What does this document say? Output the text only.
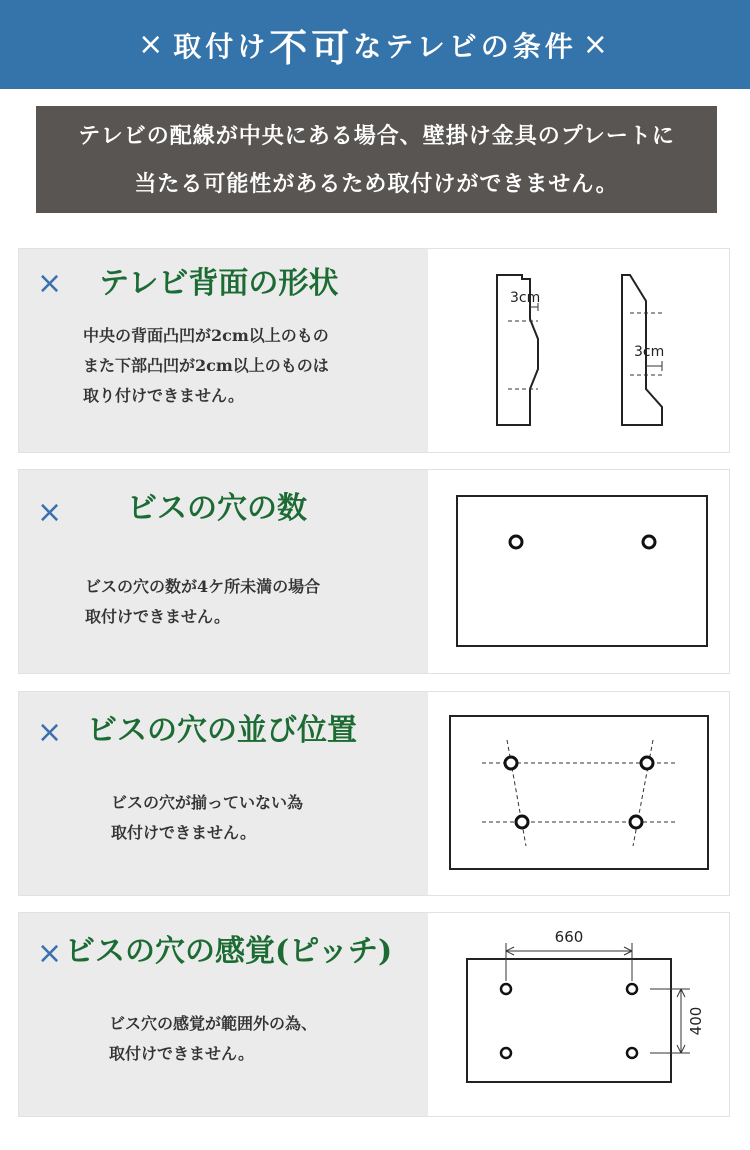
× 取付け 不可 なテレビの条件 ×
テレビの配線が中央にある場合、壁掛け金具のプレートに
当たる可能性があるため取付けができません。
× テレビ背面の形状
中央の背面凸凹が2cm以上のもの
また下部凸凹が2cm以上のものは
取り付けできません。
3cm
3cm
× ビスの穴の数
ビスの穴の数が4ケ所未満の場合
取付けできません。
× ビスの穴の並び位置
ビスの穴が揃っていない為
取付けできません。
× ビスの穴の感覚(ピッチ)
ビス穴の感覚が範囲外の為、
取付けできません。
660
400
